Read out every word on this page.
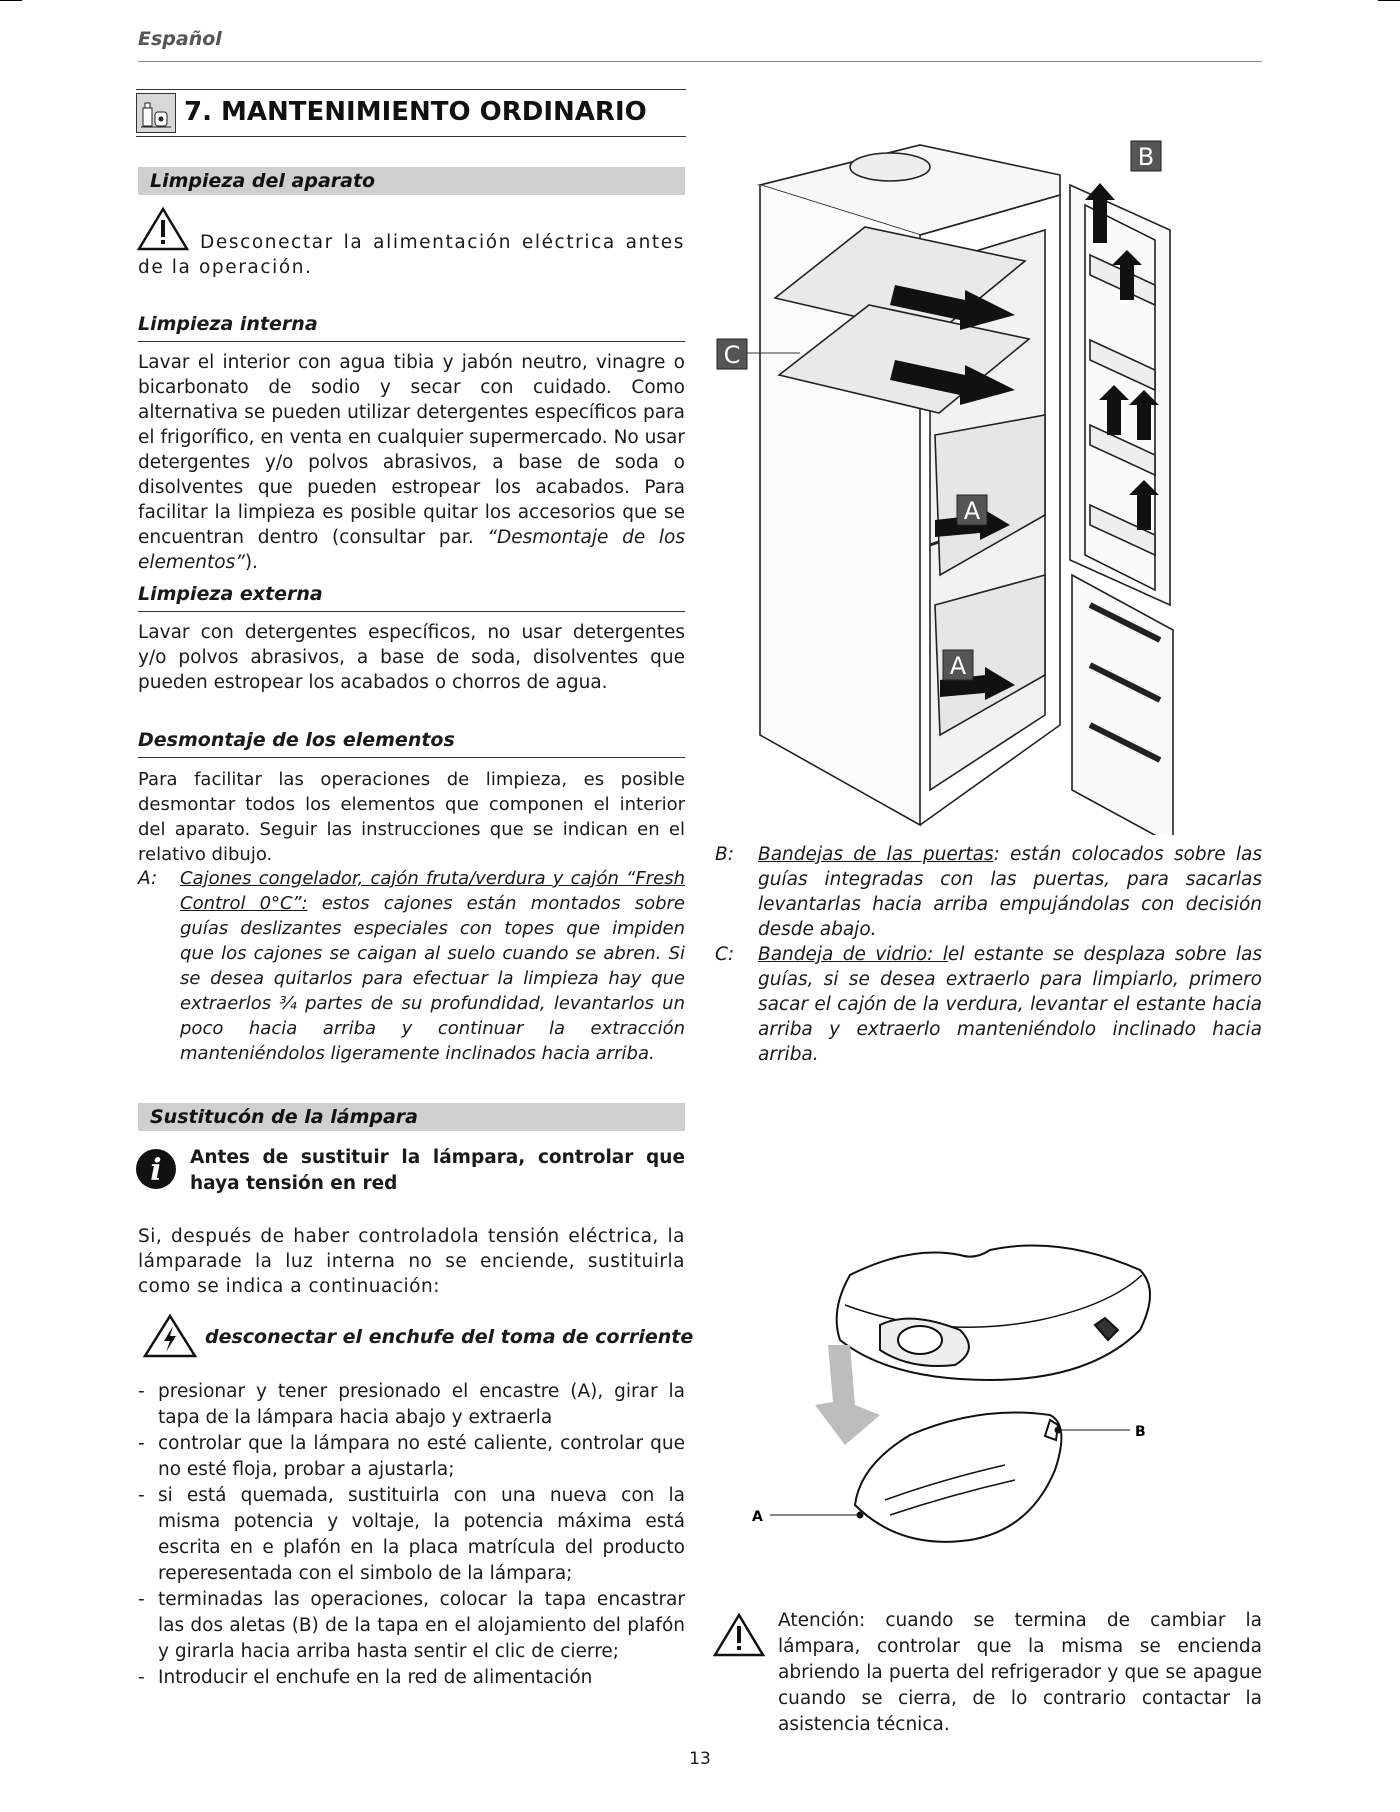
Español
7. MANTENIMIENTO ORDINARIO
Limpieza del aparato

Desconectar la alimentación eléctrica antes de la operación.

Limpieza interna

Lavar el interior con agua tibia y jabón neutro, vinagre o bicarbonato de sodio y secar con cuidado. Como alternativa se pueden utilizar detergentes específicos para el frigorífico, en venta en cualquier supermercado. No usar detergentes y/o polvos abrasivos, a base de soda o disolventes que pueden estropear los acabados. Para facilitar la limpieza es posible quitar los accesorios que se encuentran dentro (consultar par. “Desmontaje de los elementos”).

Limpieza externa

Lavar con detergentes específicos, no usar detergentes y/o polvos abrasivos, a base de soda, disolventes que pueden estropear los acabados o chorros de agua.

Desmontaje de los elementos

Para facilitar las operaciones de limpieza, es posible desmontar todos los elementos que componen el interior del aparato. Seguir las instrucciones que se indican en el relativo dibujo.

A: Cajones congelador, cajón fruta/verdura y cajón “Fresh Control 0°C”: estos cajones están montados sobre guías deslizantes especiales con topes que impiden que los cajones se caigan al suelo cuando se abren. Si se desea quitarlos para efectuar la limpieza hay que extraerlos ¾ partes de su profundidad, levantarlos un poco hacia arriba y continuar la extracción manteniéndolos ligeramente inclinados hacia arriba.
B: Bandejas de las puertas: están colocados sobre las guías integradas con las puertas, para sacarlas levantarlas hacia arriba empujándolas con decisión desde abajo.
C: Bandeja de vidrio: lel estante se desplaza sobre las guías, si se desea extraerlo para limpiarlo, primero sacar el cajón de la verdura, levantar el estante hacia arriba y extraerlo manteniéndolo inclinado hacia arriba.
B
C
A
A
Sustitucón de la lámpara
i Antes de sustituir la lámpara, controlar que haya tensión en red

Si, después de haber controladola tensión eléctrica, la lámparade la luz interna no se enciende, sustituirla como se indica a continuación:

desconectar el enchufe del toma de corriente
- presionar y tener presionado el encastre (A), girar la tapa de la lámpara hacia abajo y extraerla
- controlar que la lámpara no esté caliente, controlar que no esté floja, probar a ajustarla;
- si está quemada, sustituirla con una nueva con la misma potencia y voltaje, la potencia máxima está escrita en e plafón en la placa matrícula del producto reperesentada con el simbolo de la lámpara;
- terminadas las operaciones, colocar la tapa encastrar las dos aletas (B) de la tapa en el alojamiento del plafón y girarla hacia arriba hasta sentir el clic de cierre;
- Introducir el enchufe en la red de alimentación
B
A
Atención: cuando se termina de cambiar la lámpara, controlar que la misma se encienda abriendo la puerta del refrigerador y que se apague cuando se cierra, de lo contrario contactar la asistencia técnica.
13
